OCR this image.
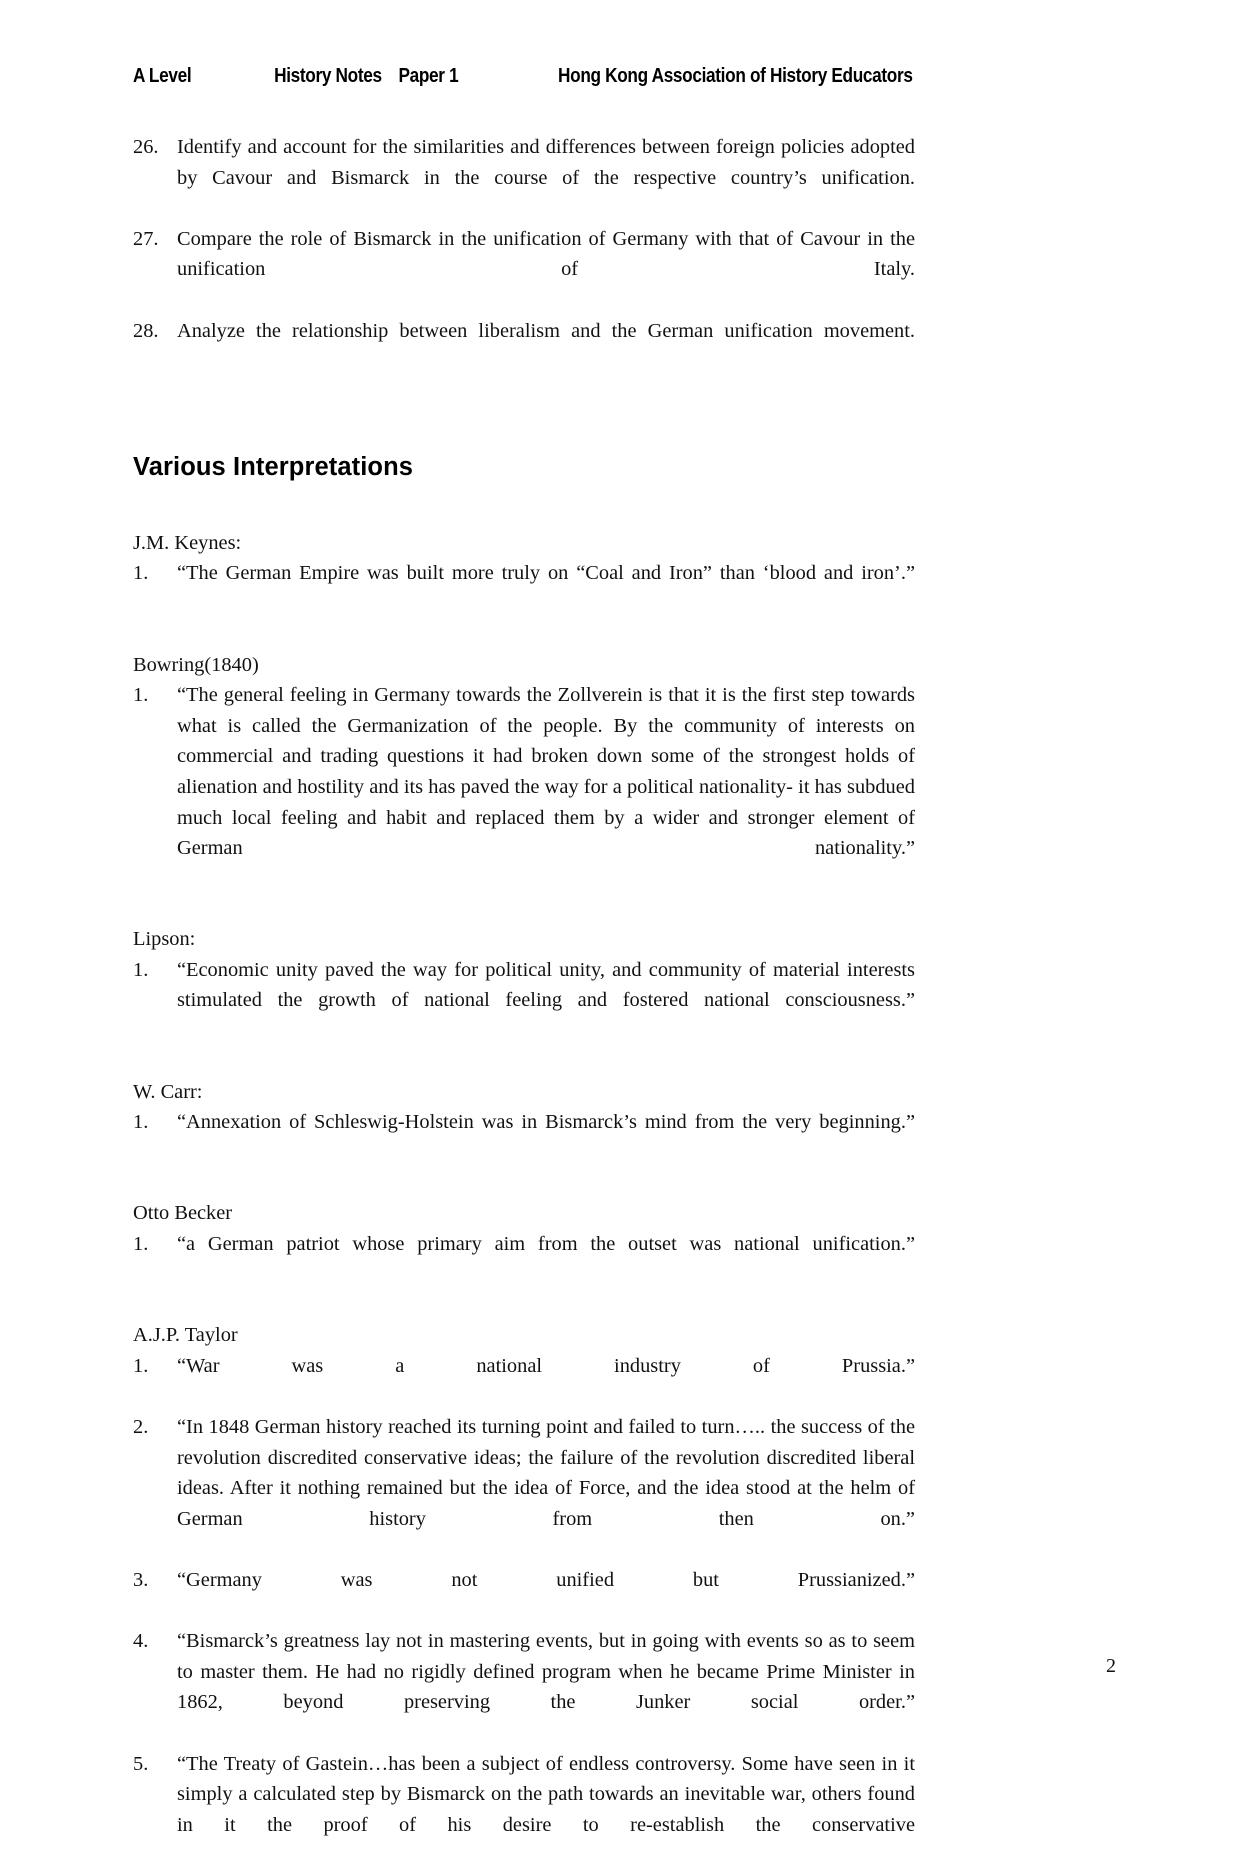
A Level	History Notes Paper 1	Hong Kong Association of History Educators
26. Identify and account for the similarities and differences between foreign policies adopted by Cavour and Bismarck in the course of the respective country’s unification.
27. Compare the role of Bismarck in the unification of Germany with that of Cavour in the unification of Italy.
28. Analyze the relationship between liberalism and the German unification movement.
Various Interpretations
J.M. Keynes:
1.	“The German Empire was built more truly on “Coal and Iron” than ‘blood and iron’.”
Bowring(1840)
1.	“The general feeling in Germany towards the Zollverein is that it is the first step towards what is called the Germanization of the people. By the community of interests on commercial and trading questions it had broken down some of the strongest holds of alienation and hostility and its has paved the way for a political nationality- it has subdued much local feeling and habit and replaced them by a wider and stronger element of German nationality.”
Lipson:
1.	“Economic unity paved the way for political unity, and community of material interests stimulated the growth of national feeling and fostered national consciousness.”
W. Carr:
1.	“Annexation of Schleswig-Holstein was in Bismarck’s mind from the very beginning.”
Otto Becker
1.	“a German patriot whose primary aim from the outset was national unification.”
A.J.P. Taylor
1.	“War was a national industry of Prussia.”
2.	“In 1848 German history reached its turning point and failed to turn….. the success of the revolution discredited conservative ideas; the failure of the revolution discredited liberal ideas. After it nothing remained but the idea of Force, and the idea stood at the helm of German history from then on.”
3.	“Germany was not unified but Prussianized.”
4.	“Bismarck’s greatness lay not in mastering events, but in going with events so as to seem to master them. He had no rigidly defined program when he became Prime Minister in 1862, beyond preserving the Junker social order.”
5.	“The Treaty of Gastein…has been a subject of endless controversy. Some have seen in it simply a calculated step by Bismarck on the path towards an inevitable war, others found in it the proof of his desire to re-establish the conservative
2
